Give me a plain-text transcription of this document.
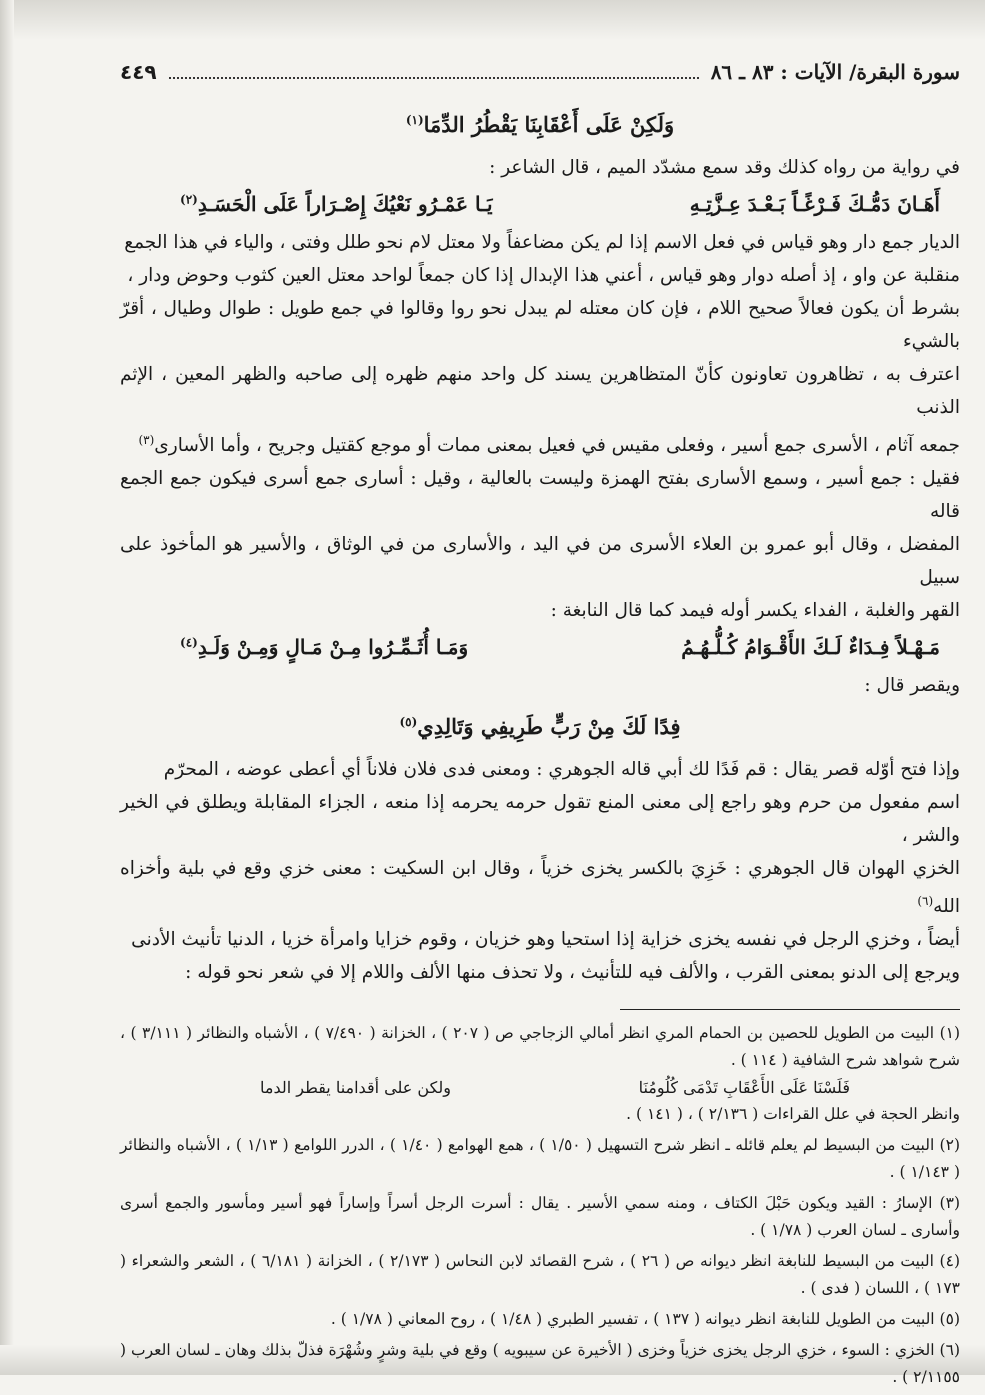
سورة البقرة/ الآيات : ٨٣ ـ ٨٦
٤٤٩
وَلَكِنْ عَلَى أَعْقَابِنَا يَقْطُرُ الدِّمَا$^{(١)}$

في رواية من رواه كذلك وقد سمع مشدّد الميم ، قال الشاعر :

أَهَـانَ دَمُّـكَ فَـرْغًـاً بَـعْـدَ عِـزَّتِـهِ
يَـا عَمْـرُو نَعْيُكَ إِصْـرَاراً عَلَى الْحَسَـدِ$^{(٢)}$

الديار جمع دار وهو قياس في فعل الاسم إذا لم يكن مضاعفاً ولا معتل لام نحو طلل وفتى ، والياء في هذا الجمع

منقلبة عن واو ، إذ أصله دوار وهو قياس ، أعني هذا الإبدال إذا كان جمعاً لواحد معتل العين كثوب وحوض ودار ،

بشرط أن يكون فعالاً صحيح اللام ، فإن كان معتله لم يبدل نحو روا وقالوا في جمع طويل : طوال وطيال ، أقرّ بالشيء

اعترف به ، تظاهرون تعاونون كأنّ المتظاهرين يسند كل واحد منهم ظهره إلى صاحبه والظهر المعين ، الإثم الذنب

جمعه آثام ، الأسرى جمع أسير ، وفعلى مقيس في فعيل بمعنى ممات أو موجع كقتيل وجريح ، وأما الأسارى$^{(٣)}$

فقيل : جمع أسير ، وسمع الأسارى بفتح الهمزة وليست بالعالية ، وقيل : أسارى جمع أسرى فيكون جمع الجمع قاله

المفضل ، وقال أبو عمرو بن العلاء الأسرى من في اليد ، والأسارى من في الوثاق ، والأسير هو المأخوذ على سبيل

القهر والغلبة ، الفداء يكسر أوله فيمد كما قال النابغة :

مَـهْـلاً فِـدَاءٌ لَـكَ الأَقْـوَامُ كُـلُّـهُـمُ
وَمَـا أُثَـمِّـرُوا مِـنْ مَـالٍ وَمِـنْ وَلَـدِ$^{(٤)}$

ويقصر قال :

فِدًا لَكَ مِنْ رَبٍّ طَرِيفِي وَتَالِدِي$^{(٥)}$

وإذا فتح أوّله قصر يقال : قم فَدًا لك أبي قاله الجوهري : ومعنى فدى فلان فلاناً أي أعطى عوضه ، المحرّم

اسم مفعول من حرم وهو راجع إلى معنى المنع تقول حرمه يحرمه إذا منعه ، الجزاء المقابلة ويطلق في الخير والشر ،

الخزي الهوان قال الجوهري : خَزِيَ بالكسر يخزى خزياً ، وقال ابن السكيت : معنى خزي وقع في بلية وأخزاه الله$^{(٦)}$

أيضاً ، وخزي الرجل في نفسه يخزى خزاية إذا استحيا وهو خزيان ، وقوم خزايا وامرأة خزيا ، الدنيا تأنيث الأدنى

ويرجع إلى الدنو بمعنى القرب ، والألف فيه للتأنيث ، ولا تحذف منها الألف واللام إلا في شعر نحو قوله :

(١) البيت من الطويل للحصين بن الحمام المري انظر أمالي الزجاجي ص ( ٢٠٧ ) ، الخزانة ( ٧/٤٩٠ ) ، الأشباه والنظائر ( ٣/١١١ ) ، شرح شواهد شرح الشافية ( ١١٤ ) .

فَلَسْنَا عَلَى الأَعْقَابِ تَدْمَى كُلُومُنَا
ولكن على أقدامنا يقطر الدما

وانظر الحجة في علل القراءات ( ٢/١٣٦ ) ، ( ١٤١ ) .

(٢) البيت من البسيط لم يعلم قائله ـ انظر شرح التسهيل ( ١/٥٠ ) ، همع الهوامع ( ١/٤٠ ) ، الدرر اللوامع ( ١/١٣ ) ، الأشباه والنظائر ( ١/١٤٣ ) .

(٣) الإسارُ : القيد ويكون حَبْلَ الكتاف ، ومنه سمي الأسير . يقال : أسرت الرجل أسراً وإساراً فهو أسير ومأسور والجمع أسرى وأسارى ـ لسان العرب ( ١/٧٨ ) .

(٤) البيت من البسيط للنابغة انظر ديوانه ص ( ٢٦ ) ، شرح القصائد لابن النحاس ( ٢/١٧٣ ) ، الخزانة ( ٦/١٨١ ) ، الشعر والشعراء ( ١٧٣ ) ، اللسان ( فدى ) .

(٥) البيت من الطويل للنابغة انظر ديوانه ( ١٣٧ ) ، تفسير الطبري ( ١/٤٨ ) ، روح المعاني ( ١/٧٨ ) .

(٦) الخزي : السوء ، خزي الرجل يخزى خزياً وخزى ( الأخيرة عن سيبويه ) وقع في بلية وشرٍ وشُهْرَة فذلّ بذلك وهان ـ لسان العرب ( ٢/١١٥٥ ) .
